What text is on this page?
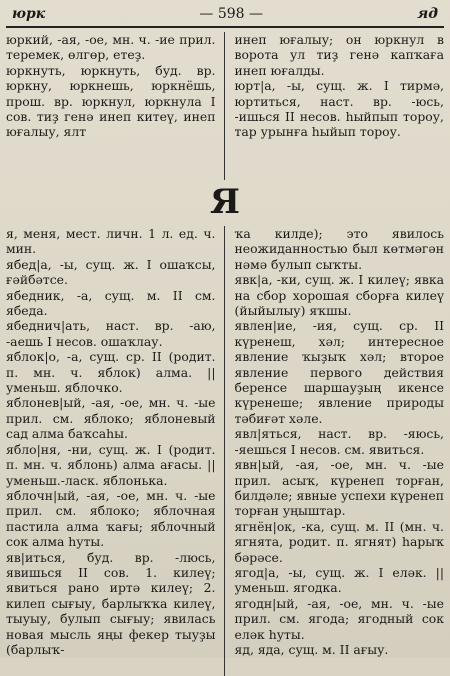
юрк	— 598 —	яд

юркий, -ая, -ое, мн. ч. -ие прил. теремек, өлгөр, етеҙ.

юркнуть, юркнуть, буд. вр. юркну, юркнешь, юркнёшь, прош. вр. юркнул, юркнула I сов. тиҙ генә инеп китеү, инеп юғалыу, ялт

инеп юғалыу; он юркнул в ворота ул тиҙ генә капҡаға инеп юғалды.

юрт|а, -ы, сущ. ж. I тирмә, юртиться, наст. вр. -юсь, -ишься II несов. һыйпып тороу, тар урынға һыйып тороу.

Я

я, меня, мест. личн. 1 л. ед. ч. мин.

ябед|а, -ы, сущ. ж. I ошаҡсы, ғәйбәтсе.

ябедник, -а, сущ. м. II см. ябеда.

ябеднич|ать, наст. вр. -аю, -аешь I несов. ошаҡлау.

яблок|о, -а, сущ. ср. II (родит. п. мн. ч. яблок) алма. || уменьш. яблочко.

яблонев|ый, -ая, -ое, мн. ч. -ые прил. см. яблоко; яблоневый сад алма баҡсаһы.

ябло|ня, -ни, сущ. ж. I (родит. п. мн. ч. яблонь) алма ағасы. || уменьш.-ласк. яблонька.

яблочн|ый, -ая, -ое, мн. ч. -ые прил. см. яблоко; яблочная пастила алма ҡағы; яблочный сок алма һуты.

яв|иться, буд. вр. -люсь, явишься II сов. 1. килеү; явиться рано иртә килеү; 2. килеп сығыу, барлыҡҡа килеү, тыуыу, булып сығыу; явилась новая мысль яңы фекер тыуҙы (барлыҡ-

ҡа килде); это явилось неожиданностью был көтмәгән нәмә булып сыҡты.

явк|а, -ки, сущ. ж. I килеү; явка на сбор хорошая сборға килеү (йыйылыу) яҡшы.

явлен|ие, -ия, сущ. ср. II күренеш, хәл; интересное явление ҡыҙыҡ хәл; второе явление первого действия беренсе шаршауҙың икенсе күренеше; явление природы тәбиғәт хәле.

явл|яться, наст. вр. -яюсь, -яешься I несов. см. явиться.

явн|ый, -ая, -ое, мн. ч. -ые прил. асыҡ, күренеп торған, билдәле; явные успехи күренеп торған уңыштар.

ягнён|ок, -ка, сущ. м. II (мн. ч. ягнята, родит. п. ягнят) һарыҡ бәрәсе.

ягод|а, -ы, сущ. ж. I еләк. || уменьш. ягодка.

ягодн|ый, -ая, -ое, мн. ч. -ые прил. см. ягода; ягодный сок еләк һуты.

яд, яда, сущ. м. II ағыу.
